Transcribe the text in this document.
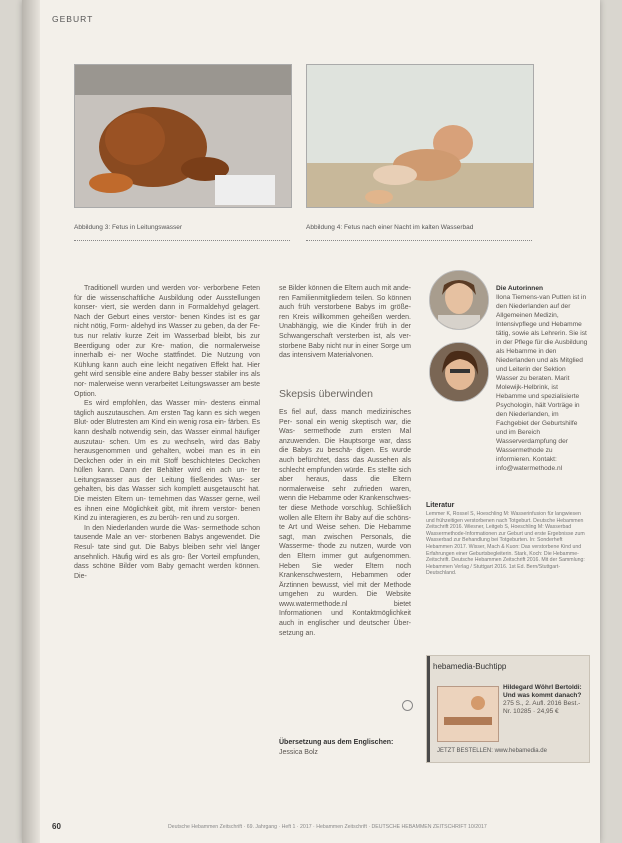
GEBURT
Abbildung 3: Fetus in Leitungswasser	Abbildung 4: Fetus nach einer Nacht im kalten Wasserbad

Traditionell wurden und werden vor- verborbene Feten für die wissenschaftliche Ausbildung oder Ausstellungen konser- viert, sie werden dann in Formaldehyd gelagert. Nach der Geburt eines verstor- benen Kindes ist es gar nicht nötig, Form- aldehyd ins Wasser zu geben, da der Fe- tus nur relativ kurze Zeit im Wasserbad bleibt, bis zur Beerdigung oder zur Kre- mation, die normalerweise innerhalb ei- ner Woche stattfindet. Die Nutzung von Kühlung kann auch eine leicht negativen Effekt hat. Hier geht wird sensible eine andere Baby besser stabiler ins als nor- malerweise wenn verarbeitet Leitungswasser am beste Option.

Es wird empfohlen, das Wasser min- destens einmal täglich auszutauschen. Am ersten Tag kann es sich wegen Blut- oder Blutresten am Kind ein wenig rosa ein- färben. Es kann deshalb notwendig sein, das Wasser einmal häufiger auszutau- schen. Um es zu wechseln, wird das Baby herausgenommen und gehalten, wobei man es in ein Deckchen oder in ein mit Stoff beschichtetes Deckchen hüllen kann. Dann der Behälter wird ein ach un- ter Leitungswasser aus der Leitung fließendes Was- ser gehalten, bis das Wasser sich komplett ausgetauscht hat. Die meisten Eltern un- ternehmen das Wasser gerne, weil es ihnen eine Möglichkeit gibt, mit ihrem verstor- benen Kind zu interagieren, es zu berüh- ren und zu sorgen.

In den Niederlanden wurde die Was- sermethode schon tausende Male an ver- storbenen Babys angewendet. Die Resul- tate sind gut. Die Babys bleiben sehr viel länger ansehnlich. Häufig wird es als gro- ßer Vorteil empfunden, dass schöne Bilder vom Baby gemacht werden können. Die-

se Bilder können die Eltern auch mit ande- ren Familienmitgliedern teilen. So können auch früh verstorbene Babys im größe- ren Kreis willkommen geheißen werden. Unabhängig, wie die Kinder früh in der Schwangerschaft versterben ist, als ver- storbene Baby nicht nur in einer Sorge um das intensivem Materialvonen.

Skepsis überwinden

Es fiel auf, dass manch medizinisches Per- sonal ein wenig skeptisch war, die Was- sermethode zum ersten Mal anzuwenden. Die Hauptsorge war, dass die Babys zu beschä- digen. Es wurde auch befürchtet, dass das Aussehen als schlecht empfunden würde. Es stellte sich aber heraus, dass die Eltern normalerweise sehr zufrieden waren, wenn die Hebamme oder Krankenschwes- ter diese Methode vorschlug. Schließlich wollen alle Eltern ihr Baby auf die schöns- te Art und Weise sehen. Die Hebamme sagt, man zwischen Personals, die Wasserme- thode zu nutzen, wurde von den Eltern immer gut aufgenommen. Heben Sie weder Eltern noch Krankenschwestern, Hebammen oder Ärztinnen bewusst, viel mit der Methode umgehen zu wurden. Die Website www.watermethode.nl bietet Informationen und Kontaktmöglichkeit auch in englischer und deutscher Über- setzung an.

Übersetzung aus dem Englischen:
Jessica Bolz
Die Autorinnen
Ilona Tiemens-van Putten ist in den Niederlanden auf der Allgemeinen Medizin, Intensivpflege und Hebamme tätig, sowie als Lehrerin. Sie ist in der Pflege für die Ausbildung als Hebamme in den Niederlanden und als Mitglied und Leiterin der Sektion Wasser zu beraten. Marit Molewijk-Helbrink, ist Hebamme und spezialisierte Psychologin, hält Vorträge in den Niederlanden, im Fachgebiet der Geburtshilfe und im Bereich Wasserverdampfung der Wassermethode zu informieren. Kontakt: info@watermethode.nl
Literatur
Lemmer K, Rossel S, Hoeschling M: Wasserinfusion für langwiesen und frühzeitigen verstorbenen nach Totgeburt. Deutsche Hebammen Zeitschrift 2016. Wiesner, Leitgeb S, Hoeschling M: Wasserbad Wassermethode-Informationen zur Geburt und erste Ergebnisse zum Wasserbad zur Behandlung bei Totgeburten. In: Sonderheft Hebammen 2017. Wisser, Mach & Kuon: Das verstorbene Kind und Erfahrungen einer Geburtsbegleiterin. Stark, Koch: Die Hebamme-Zeitschrift. Deutsche Hebammen Zeitschrift 2016. Mit der Sammlung: Hebammen Verlag / Stuttgart 2016. 1st Ed. Bern/Stuttgart-Deutschland.
hebamedia-Buchtipp
Hildegard Wöhrl Bertoldi: Und was kommt danach?
275 S., 2. Aufl. 2016 Best.-Nr. 10285 · 24,95 €
JETZT BESTELLEN: www.hebamedia.de
60	Deutsche Hebammen Zeitschrift · 69. Jahrgang · Heft 1 · 2017 · Hebammen Zeitschrift · DEUTSCHE HEBAMMEN ZEITSCHRIFT 10/2017
